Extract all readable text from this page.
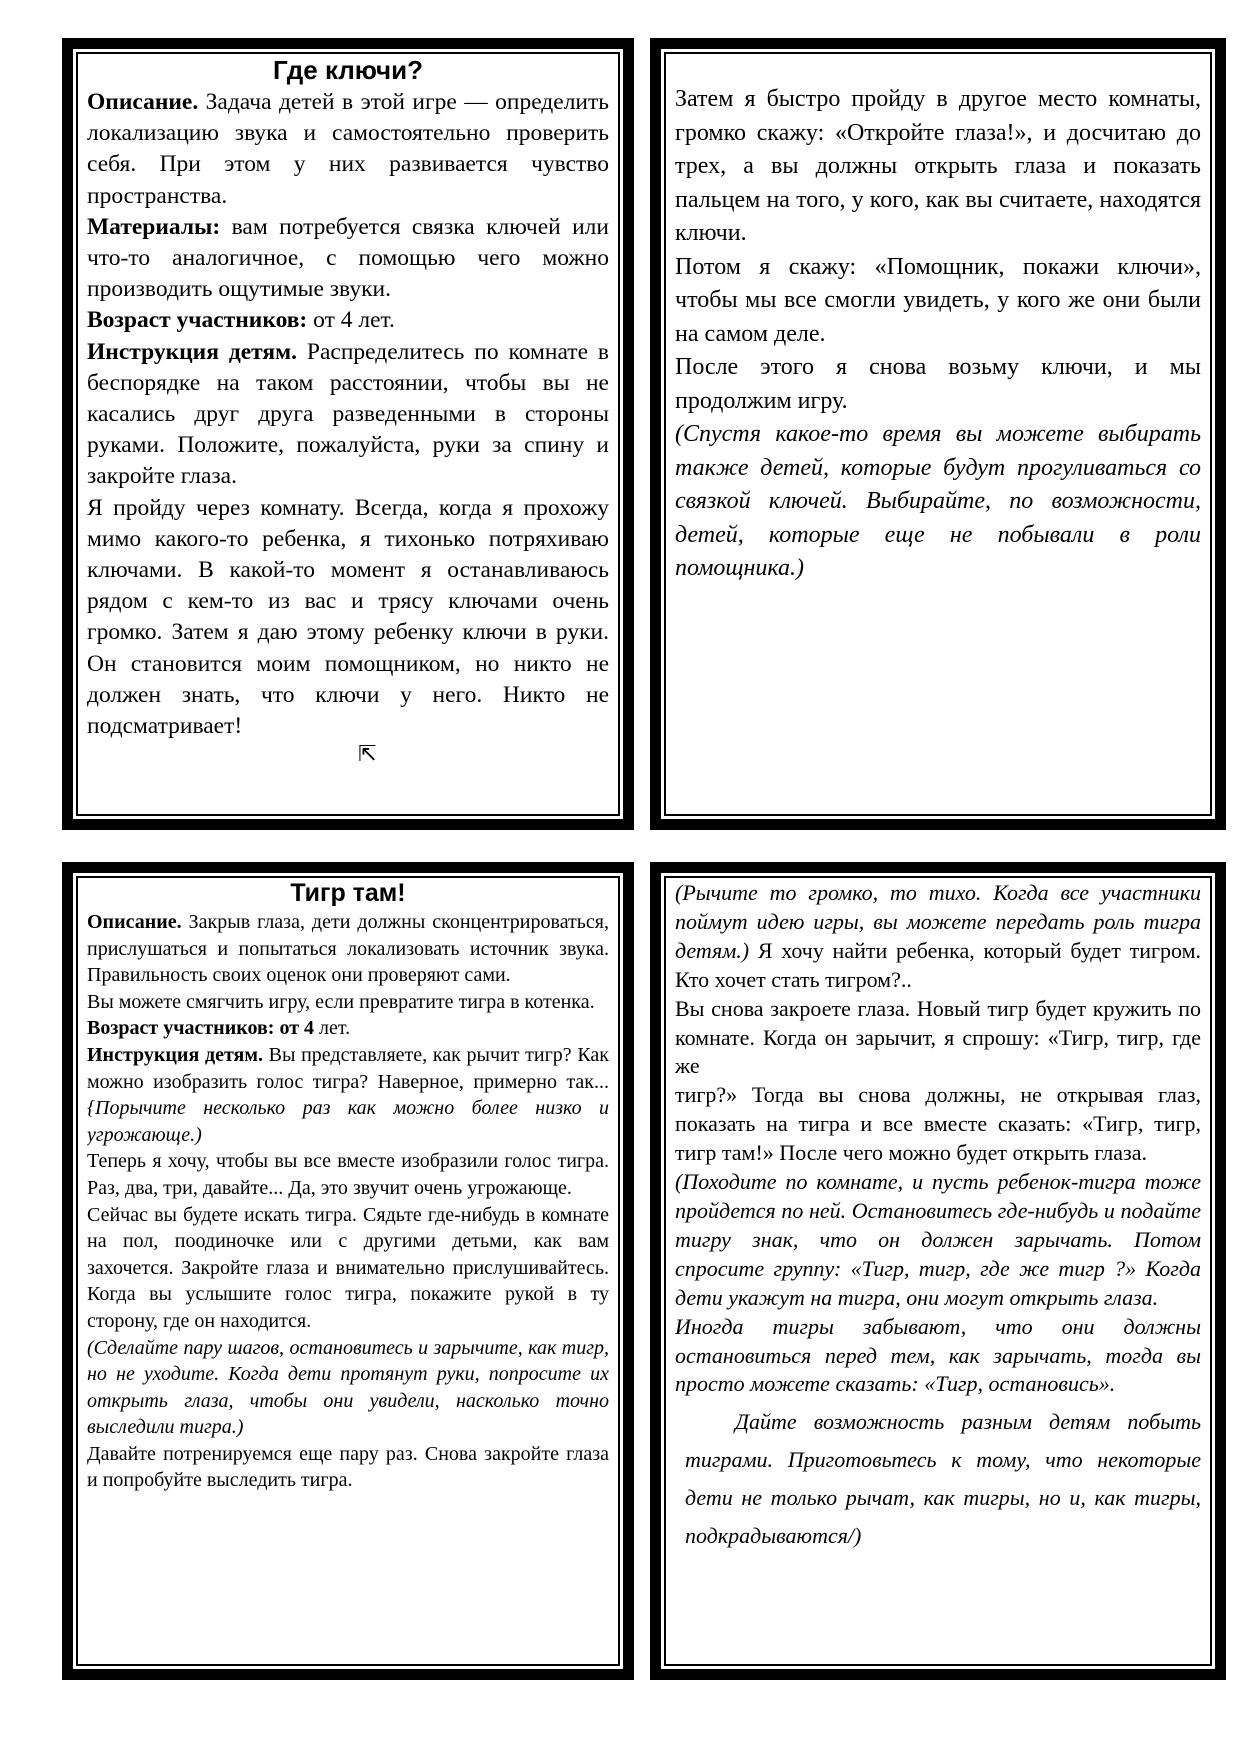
Где ключи?

Описание. Задача детей в этой игре — определить локализацию звука и самостоятельно проверить себя. При этом у них развивается чувство пространства.

Материалы: вам потребуется связка ключей или что-то аналогичное, с помощью чего можно производить ощутимые звуки.

Возраст участников: от 4 лет.

Инструкция детям. Распределитесь по комнате в беспорядке на таком расстоянии, чтобы вы не касались друг друга разведенными в стороны руками. Положите, пожалуйста, руки за спину и закройте глаза.

Я пройду через комнату. Всегда, когда я прохожу мимо какого-то ребенка, я тихонько потряхиваю ключами. В какой-то момент я останавливаюсь рядом с кем-то из вас и трясу ключами очень громко. Затем я даю этому ребенку ключи в руки. Он становится моим помощником, но никто не должен знать, что ключи у него. Никто не подсматривает!

Затем я быстро пройду в другое место комнаты, громко скажу: «Откройте глаза!», и досчитаю до трех, а вы должны открыть глаза и показать пальцем на того, у кого, как вы считаете, находятся ключи.

Потом я скажу: «Помощник, покажи ключи», чтобы мы все смогли увидеть, у кого же они были на самом деле.

После этого я снова возьму ключи, и мы продолжим игру.

(Спустя какое-то время вы можете выбирать также детей, которые будут прогуливаться со связкой ключей. Выбирайте, по возможности, детей, которые еще не побывали в роли помощника.)

Тигр там!

Описание. Закрыв глаза, дети должны сконцентрироваться, прислушаться и попытаться локализовать источник звука. Правильность своих оценок они проверяют сами.

Вы можете смягчить игру, если превратите тигра в котенка.

Возраст участников: от 4 лет.

Инструкция детям. Вы представляете, как рычит тигр? Как можно изобразить голос тигра? Наверное, примерно так... {Порычите несколько раз как можно более низко и угрожающе.)

Теперь я хочу, чтобы вы все вместе изобразили голос тигра. Раз, два, три, давайте... Да, это звучит очень угрожающе.

Сейчас вы будете искать тигра. Сядьте где-нибудь в комнате на пол, поодиночке или с другими детьми, как вам захочется. Закройте глаза и внимательно прислушивайтесь. Когда вы услышите голос тигра, покажите рукой в ту сторону, где он находится.

(Сделайте пару шагов, остановитесь и зарычите, как тигр, но не уходите. Когда дети протянут руки, попросите их открыть глаза, чтобы они увидели, насколько точно выследили тигра.)

Давайте потренируемся еще пару раз. Снова закройте глаза и попробуйте выследить тигра.

(Рычите то громко, то тихо. Когда все участники поймут идею игры, вы можете передать роль тигра детям.) Я хочу найти ребенка, который будет тигром. Кто хочет стать тигром?..

Вы снова закроете глаза. Новый тигр будет кружить по комнате. Когда он зарычит, я спрошу: «Тигр, тигр, где же

тигр?» Тогда вы снова должны, не открывая глаз, показать на тигра и все вместе сказать: «Тигр, тигр, тигр там!» После чего можно будет открыть глаза.

(Походите по комнате, и пусть ребенок-тигра тоже пройдется по ней. Остановитесь где-нибудь и подайте тигру знак, что он должен зарычать. Потом спросите группу: «Тигр, тигр, где же тигр ?» Когда дети укажут на тигра, они могут открыть глаза.

Иногда тигры забывают, что они должны остановиться перед тем, как зарычать, тогда вы просто можете сказать: «Тигр, остановись».

Дайте возможность разным детям побыть тиграми. Приготовьтесь к тому, что некоторые дети не только рычат, как тигры, но и, как тигры, подкрадываются/)

⇱
